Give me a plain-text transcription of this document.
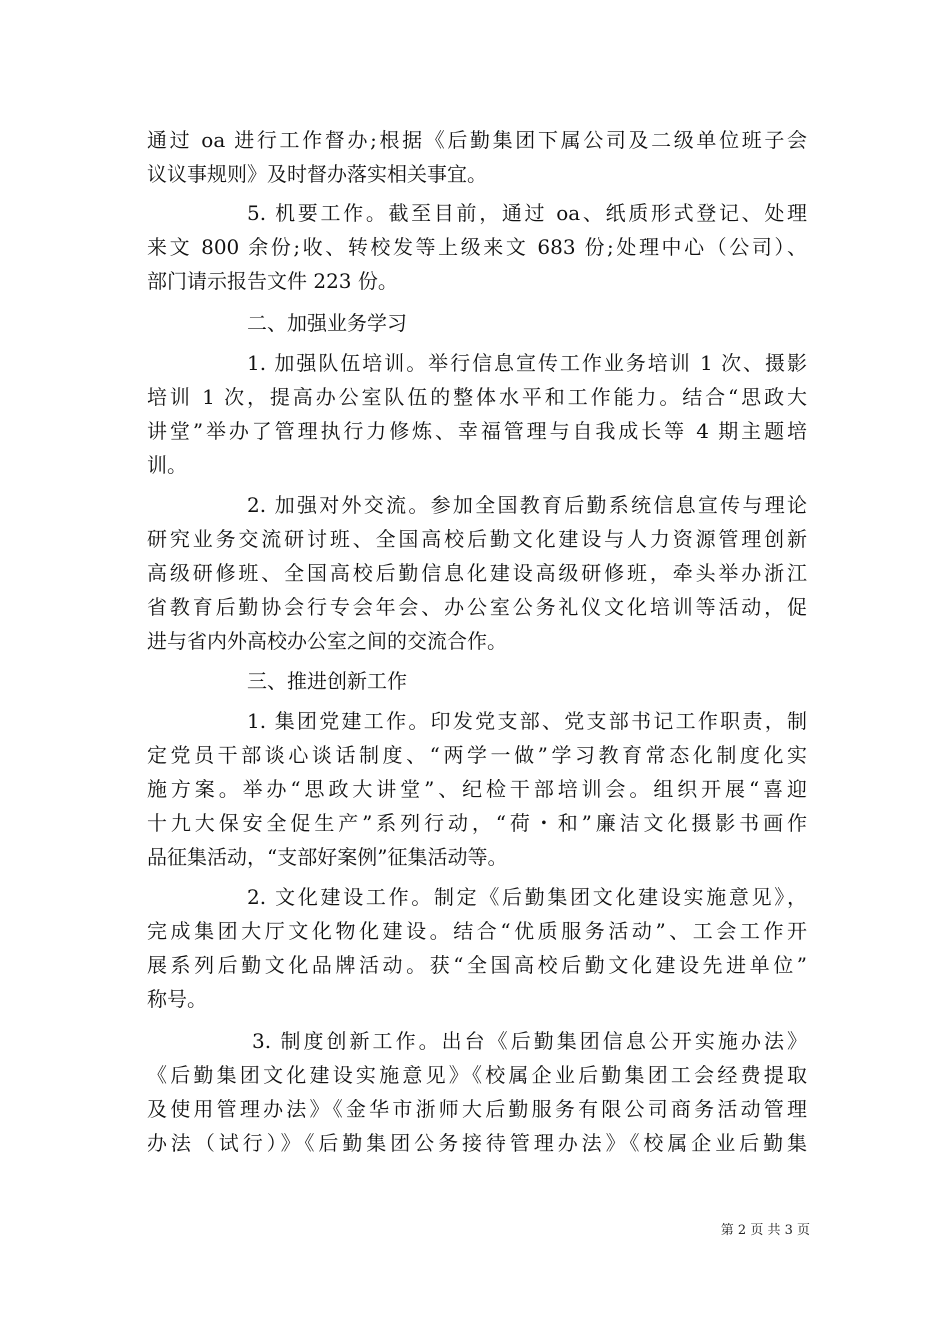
通过 oa 进行工作督办;根据《后勤集团下属公司及二级单位班子会
议议事规则》及时督办落实相关事宜。
5. 机要工作。截至目前，通过 oa、纸质形式登记、处理
来文 800 余份;收、转校发等上级来文 683 份;处理中心（公司）、
部门请示报告文件 223 份。
二、加强业务学习
1. 加强队伍培训。举行信息宣传工作业务培训 1 次、摄影
培训 1 次，提高办公室队伍的整体水平和工作能力。结合“思政大
讲堂”举办了管理执行力修炼、幸福管理与自我成长等 4 期主题培
训。
2. 加强对外交流。参加全国教育后勤系统信息宣传与理论
研究业务交流研讨班、全国高校后勤文化建设与人力资源管理创新
高级研修班、全国高校后勤信息化建设高级研修班，牵头举办浙江
省教育后勤协会行专会年会、办公室公务礼仪文化培训等活动，促
进与省内外高校办公室之间的交流合作。
三、推进创新工作
1. 集团党建工作。印发党支部、党支部书记工作职责，制
定党员干部谈心谈话制度、“两学一做”学习教育常态化制度化实
施方案。举办“思政大讲堂”、纪检干部培训会。组织开展“喜迎
十九大保安全促生产”系列行动，“荷・和”廉洁文化摄影书画作
品征集活动，“支部好案例”征集活动等。
2. 文化建设工作。制定《后勤集团文化建设实施意见》，
完成集团大厅文化物化建设。结合“优质服务活动”、工会工作开
展系列后勤文化品牌活动。获“全国高校后勤文化建设先进单位”
称号。
3. 制度创新工作。出台《后勤集团信息公开实施办法》
《后勤集团文化建设实施意见》《校属企业后勤集团工会经费提取
及使用管理办法》《金华市浙师大后勤服务有限公司商务活动管理
办法（试行）》《后勤集团公务接待管理办法》《校属企业后勤集
第 2 页 共 3 页
